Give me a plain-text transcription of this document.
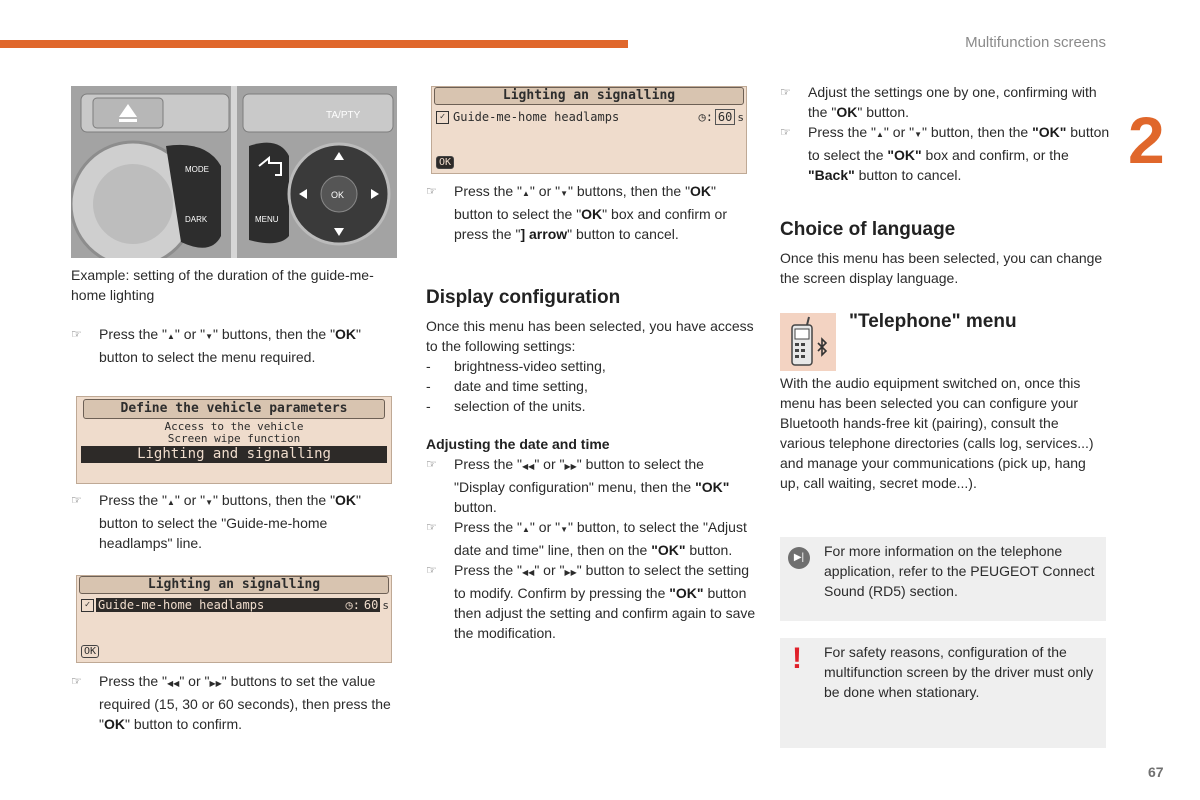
Multifunction screens
2
67
TA/PTY
MODE
DARK	MENU
OK

Example: setting of the duration of the guide-me-home lighting

☞ Press the "▲" or "▼" buttons, then the "OK" button to select the menu required.

Define the vehicle parameters
Access to the vehicle
Screen wipe function
Lighting and signalling

☞ Press the "▲" or "▼" buttons, then the "OK" button to select the "Guide-me-home headlamps" line.

Lighting an signalling
✓ Guide-me-home headlamps	◷: 60 s
OK

☞ Press the "◀◀" or "▶▶" buttons to set the value required (15, 30 or 60 seconds), then press the "OK" button to confirm.

Lighting an signalling
✓ Guide-me-home headlamps	◷: 60 s
OK

☞ Press the "▲" or "▼" buttons, then the "OK" button to select the "OK" box and confirm or press the "] arrow" button to cancel.

Display configuration

Once this menu has been selected, you have access to the following settings:

- brightness-video setting,

- date and time setting,

- selection of the units.

Adjusting the date and time

☞ Press the "◀◀" or "▶▶" button to select the "Display configuration" menu, then the "OK" button.

☞ Press the "▲" or "▼" button, to select the "Adjust date and time" line, then on the "OK" button.

☞ Press the "◀◀" or "▶▶" button to select the setting to modify. Confirm by pressing the "OK" button then adjust the setting and confirm again to save the modification.

☞ Adjust the settings one by one, confirming with the "OK" button.

☞ Press the "▲" or "▼" button, then the "OK" button to select the "OK" box and confirm, or the "Back" button to cancel.

Choice of language

Once this menu has been selected, you can change the screen display language.

"Telephone" menu

With the audio equipment switched on, once this menu has been selected you can configure your Bluetooth hands-free kit (pairing), consult the various telephone directories (calls log, services...) and manage your communications (pick up, hang up, call waiting, secret mode...).

▶|	For more information on the telephone application, refer to the PEUGEOT Connect Sound (RD5) section.

! For safety reasons, configuration of the multifunction screen by the driver must only be done when stationary.
